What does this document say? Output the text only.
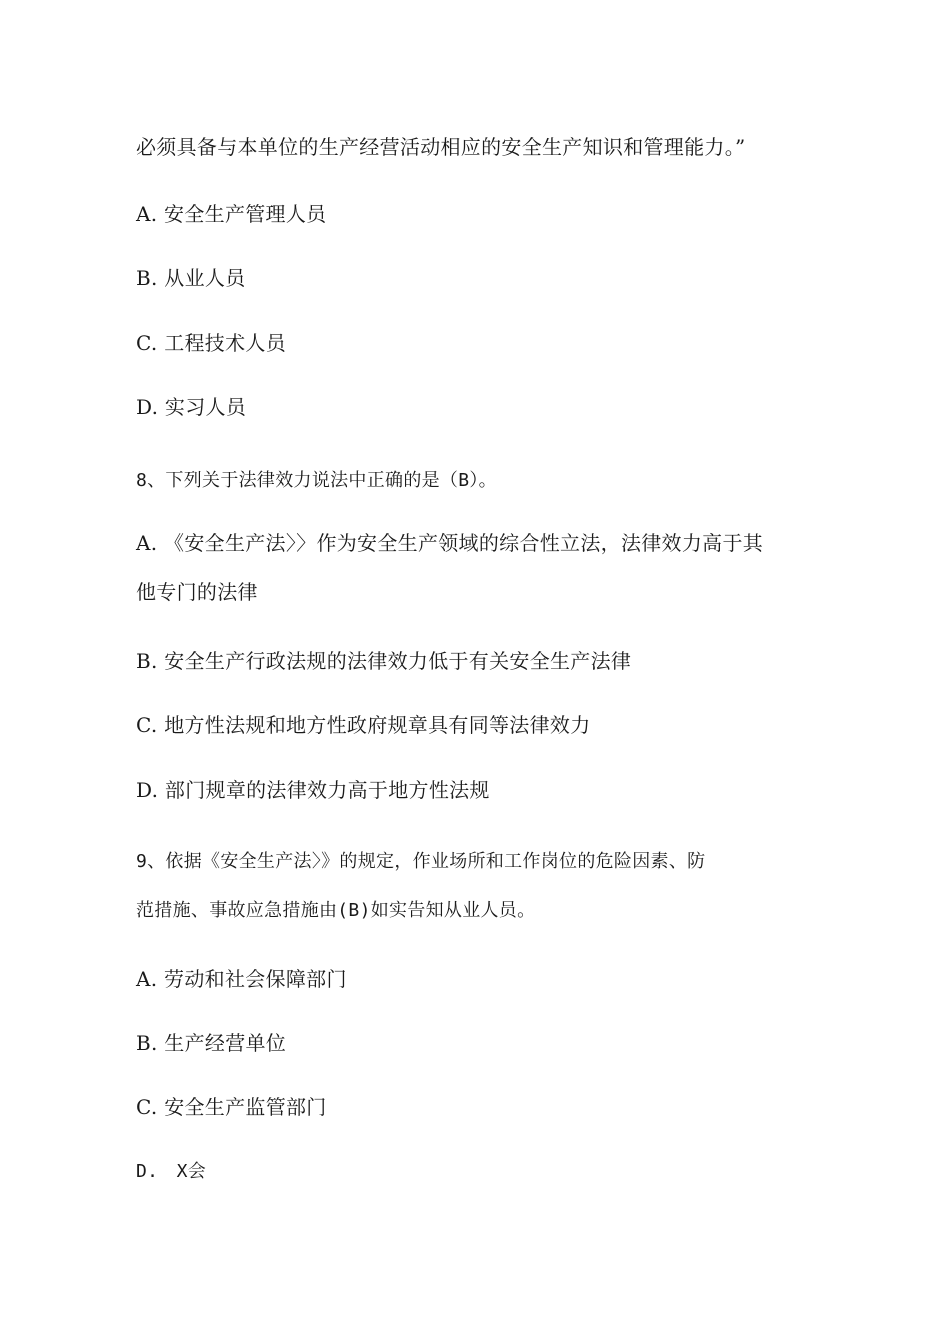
必须具备与本单位的生产经营活动相应的安全生产知识和管理能力。”
A. 安全生产管理人员
B. 从业人员
C. 工程技术人员
D. 实习人员
8、下列关于法律效力说法中正确的是（B）。
A. 《安全生产法〉〉作为安全生产领域的综合性立法，法律效力高于其
他专门的法律
B. 安全生产行政法规的法律效力低于有关安全生产法律
C. 地方性法规和地方性政府规章具有同等法律效力
D. 部门规章的法律效力高于地方性法规
9、依据《安全生产法〉》的规定，作业场所和工作岗位的危险因素、防
范措施、事故应急措施由(B)如实告知从业人员。
A. 劳动和社会保障部门
B. 生产经营单位
C. 安全生产监管部门
D.　X会
